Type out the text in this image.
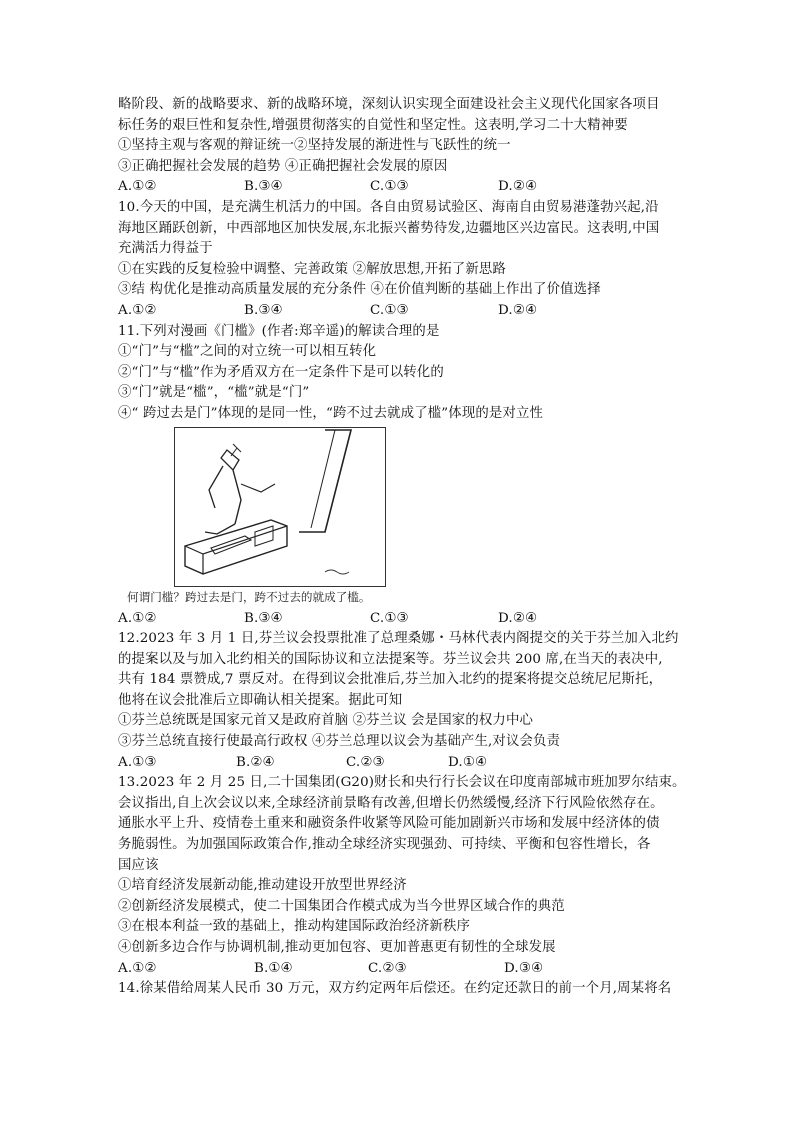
略阶段、新的战略要求、新的战略环境，深刻认识实现全面建设社会主义现代化国家各项目
标任务的艰巨性和复杂性,增强贯彻落实的自觉性和坚定性。这表明,学习二十大精神要
①坚持主观与客观的辩证统一②坚持发展的渐进性与飞跃性的统一
③正确把握社会发展的趋势 ④正确把握社会发展的原因
A.①②	B.③④	C.①③	D.②④
10.今天的中国，是充满生机活力的中国。各自由贸易试验区、海南自由贸易港蓬勃兴起,沿
海地区踊跃创新，中西部地区加快发展,东北振兴蓄势待发,边疆地区兴边富民。这表明,中国
充满活力得益于
①在实践的反复检验中调整、完善政策 ②解放思想,开拓了新思路
③结 构优化是推动高质量发展的充分条件 ④在价值判断的基础上作出了价值选择
A.①②	B.③④	C.①③	D.②④
11.下列对漫画《门槛》(作者:郑辛遥)的解读合理的是
①“门”与“槛”之间的对立统一可以相互转化
②“门”与“槛”作为矛盾双方在一定条件下是可以转化的
③“门”就是“槛”，“槛”就是“门”
④“ 跨过去是门”体现的是同一性，“跨不过去就成了槛”体现的是对立性
何谓门槛？跨过去是门，跨不过去的就成了槛。
A.①②	B.③④	C.①③	D.②④
12.2023 年 3 月 1 日,芬兰议会投票批准了总理桑娜・马林代表内阁提交的关于芬兰加入北约
的提案以及与加入北约相关的国际协议和立法提案等。芬兰议会共 200 席,在当天的表决中,
共有 184 票赞成,7 票反对。在得到议会批准后,芬兰加入北约的提案将提交总统尼尼斯托，
他将在议会批准后立即确认相关提案。据此可知
①芬兰总统既是国家元首又是政府首脑 ②芬兰议 会是国家的权力中心
③芬兰总统直接行使最高行政权 ④芬兰总理以议会为基础产生,对议会负责
A.①③	B.②④	C.②③	D.①④
13.2023 年 2 月 25 日,二十国集团(G20)财长和央行行长会议在印度南部城市班加罗尔结束。
会议指出,自上次会议以来,全球经济前景略有改善,但增长仍然缓慢,经济下行风险依然存在。
通胀水平上升、疫情卷土重来和融资条件收紧等风险可能加剧新兴市场和发展中经济体的债
务脆弱性。为加强国际政策合作,推动全球经济实现强劲、可持续、平衡和包容性增长，各
国应该
①培育经济发展新动能,推动建设开放型世界经济
②创新经济发展模式，使二十国集团合作模式成为当今世界区域合作的典范
③在根本利益一致的基础上，推动构建国际政治经济新秩序
④创新多边合作与协调机制,推动更加包容、更加普惠更有韧性的全球发展
A.①②	B.①④	C.②③	D.③④
14.徐某借给周某人民币 30 万元，双方约定两年后偿还。在约定还款日的前一个月,周某将名
